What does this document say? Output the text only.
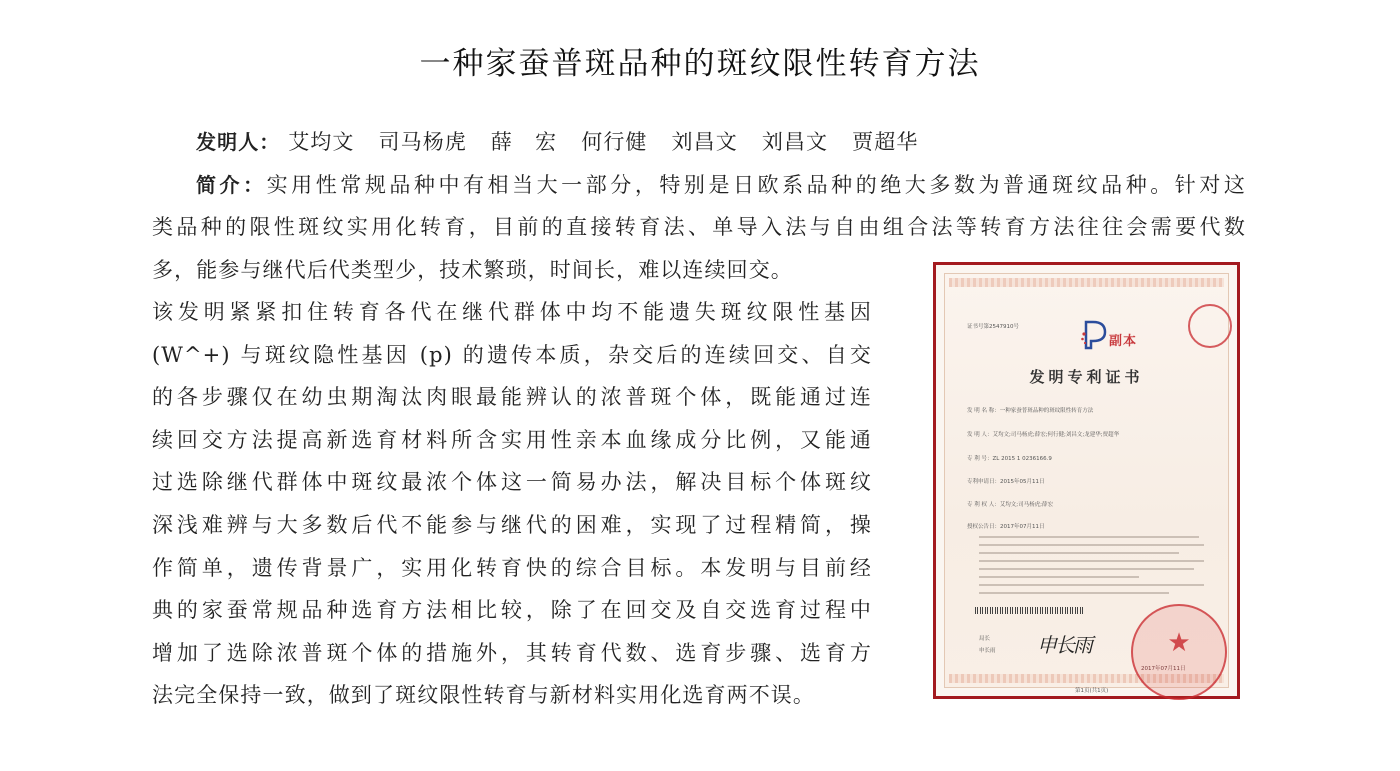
一种家蚕普斑品种的斑纹限性转育方法
发明人： 艾均文 司马杨虎 薛　宏 何行健 刘昌文 刘昌文 贾超华
简介：实用性常规品种中有相当大一部分，特别是日欧系品种的绝大多数为普通斑纹品种。针对这
类品种的限性斑纹实用化转育，目前的直接转育法、单导入法与自由组合法等转育方法往往会需要代数
多，能参与继代后代类型少，技术繁琐，时间长，难以连续回交。
该发明紧紧扣住转育各代在继代群体中均不能遗失斑纹限性基因
(W^+) 与斑纹隐性基因 (p) 的遗传本质，杂交后的连续回交、自交
的各步骤仅在幼虫期淘汰肉眼最能辨认的浓普斑个体，既能通过连
续回交方法提高新选育材料所含实用性亲本血缘成分比例，又能通
过选除继代群体中斑纹最浓个体这一简易办法，解决目标个体斑纹
深浅难辨与大多数后代不能参与继代的困难，实现了过程精简，操
作简单，遗传背景广，实用化转育快的综合目标。本发明与目前经
典的家蚕常规品种选育方法相比较，除了在回交及自交选育过程中
增加了选除浓普斑个体的措施外，其转育代数、选育步骤、选育方
法完全保持一致，做到了斑纹限性转育与新材料实用化选育两不误。
证书号第2547910号
副本
发明专利证书
发 明 名 称：一种家蚕普斑品种的斑纹限性转育方法
发 明 人：艾均文;司马杨虎;薛宏;何行健;刘昌文;龙建华;贾超华
专 利 号：ZL 2015 1 0236166.9
专利申请日：2015年05月11日
专 利 权 人：艾均文;司马杨虎;薛宏
授权公告日：2017年07月11日
局长
申长雨 申长雨	★
2017年07月11日
第1页(共1页)
